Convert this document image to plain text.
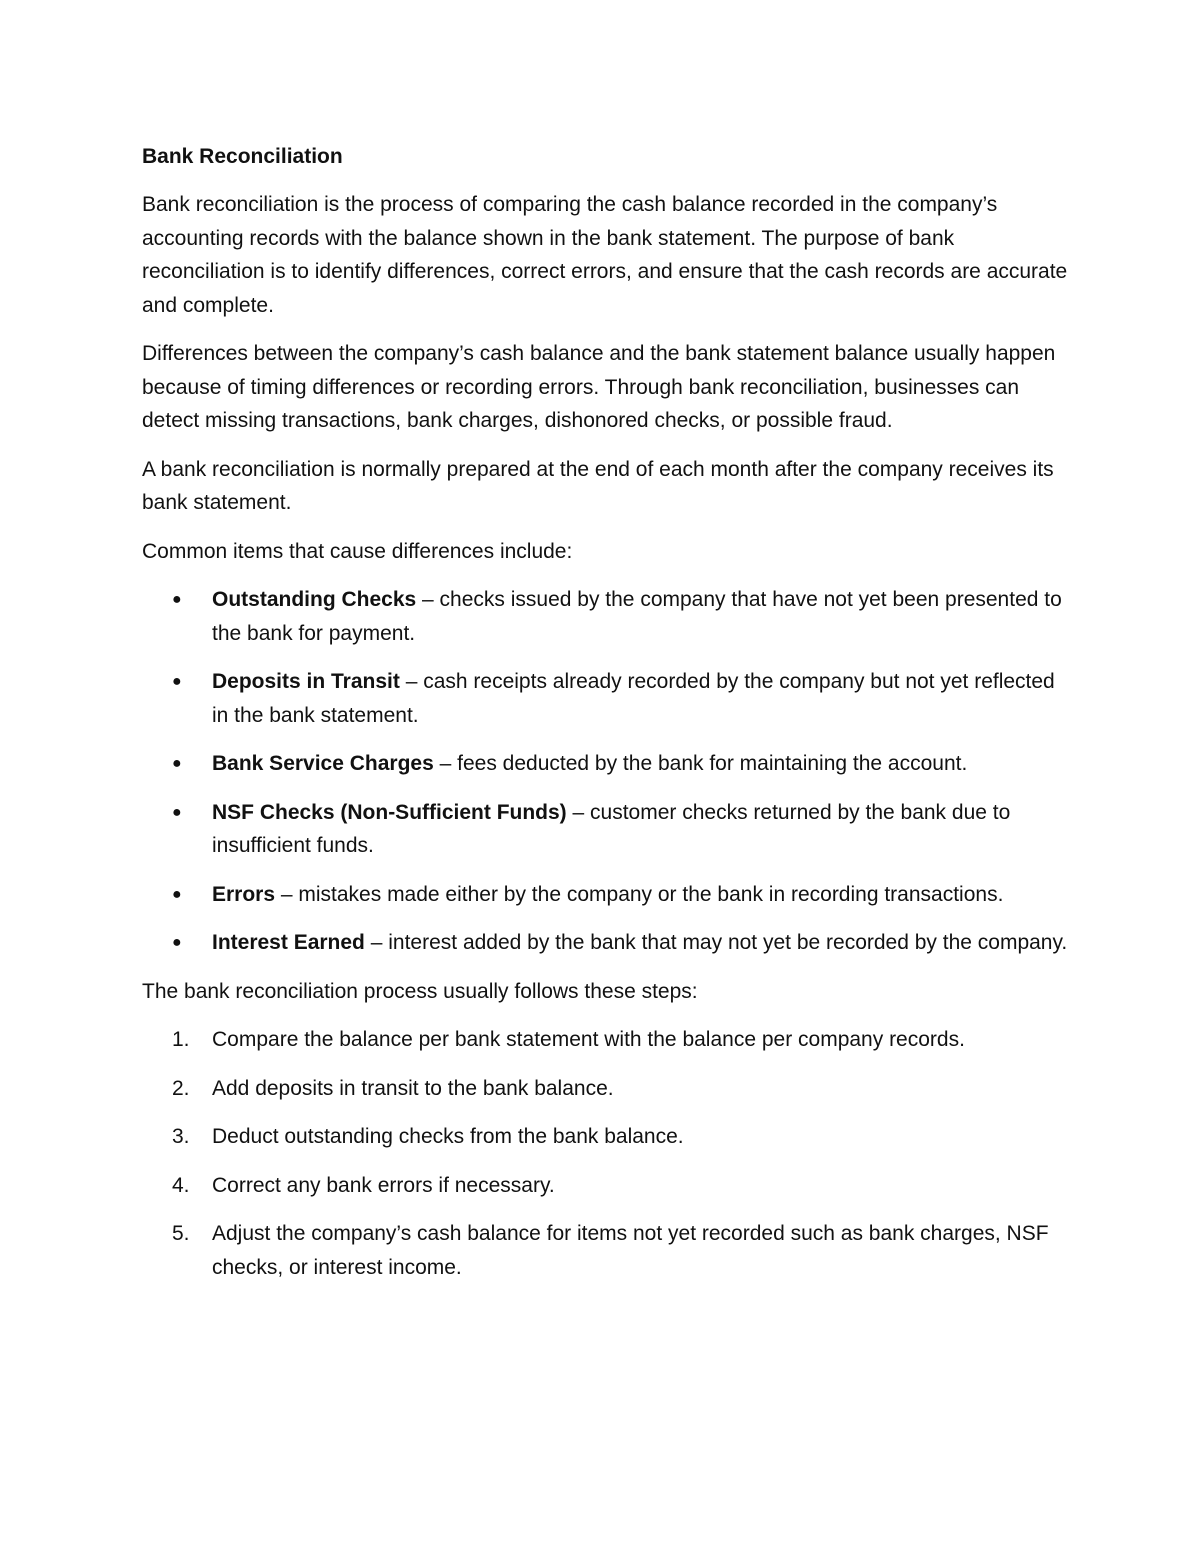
Bank Reconciliation

Bank reconciliation is the process of comparing the cash balance recorded in the company’s accounting records with the balance shown in the bank statement. The purpose of bank reconciliation is to identify differences, correct errors, and ensure that the cash records are accurate and complete.

Differences between the company’s cash balance and the bank statement balance usually happen because of timing differences or recording errors. Through bank reconciliation, businesses can detect missing transactions, bank charges, dishonored checks, or possible fraud.

A bank reconciliation is normally prepared at the end of each month after the company receives its bank statement.

Common items that cause differences include:

● Outstanding Checks – checks issued by the company that have not yet been presented to the bank for payment.
● Deposits in Transit – cash receipts already recorded by the company but not yet reflected in the bank statement.
● Bank Service Charges – fees deducted by the bank for maintaining the account.
● NSF Checks (Non-Sufficient Funds) – customer checks returned by the bank due to insufficient funds.
● Errors – mistakes made either by the company or the bank in recording transactions.
● Interest Earned – interest added by the bank that may not yet be recorded by the company.

The bank reconciliation process usually follows these steps:

1. Compare the balance per bank statement with the balance per company records.
2. Add deposits in transit to the bank balance.
3. Deduct outstanding checks from the bank balance.
4. Correct any bank errors if necessary.
5. Adjust the company’s cash balance for items not yet recorded such as bank charges, NSF checks, or interest income.
